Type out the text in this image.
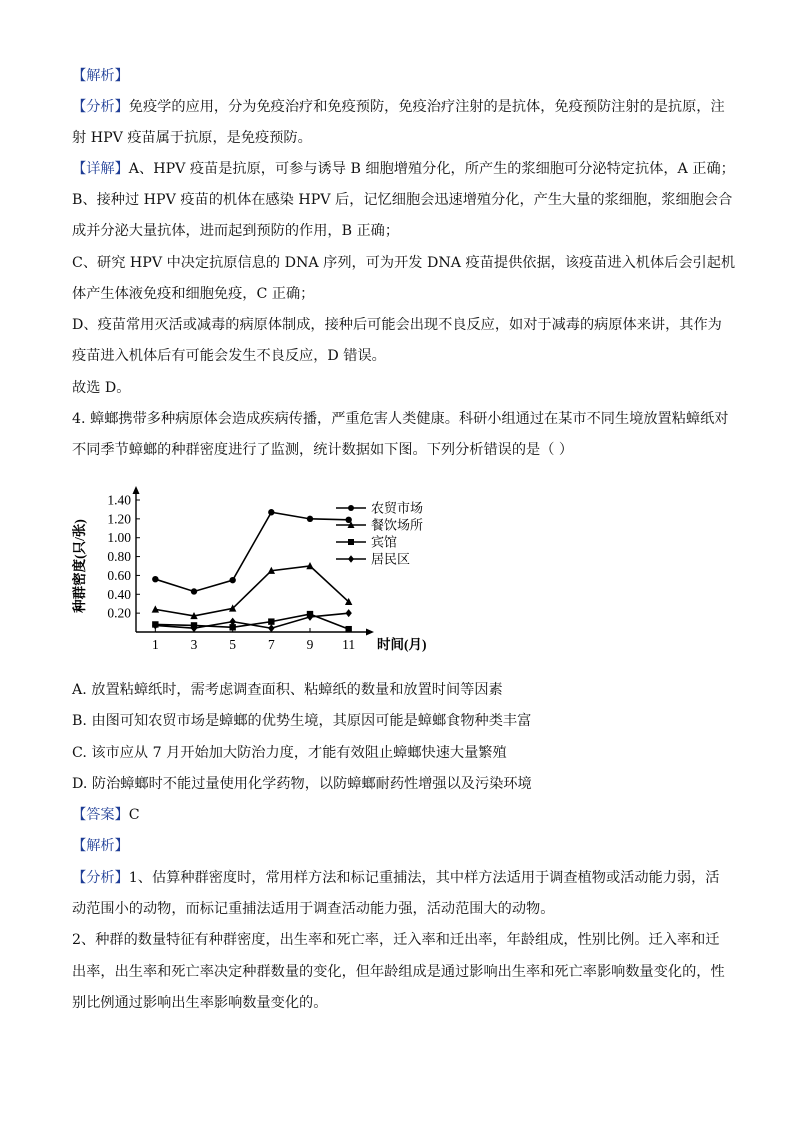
【解析】
【分析】免疫学的应用，分为免疫治疗和免疫预防，免疫治疗注射的是抗体，免疫预防注射的是抗原，注
射 HPV 疫苗属于抗原，是免疫预防。
【详解】A、HPV 疫苗是抗原，可参与诱导 B 细胞增殖分化，所产生的浆细胞可分泌特定抗体，A 正确；
B、接种过 HPV 疫苗的机体在感染 HPV 后，记忆细胞会迅速增殖分化，产生大量的浆细胞，浆细胞会合
成并分泌大量抗体，进而起到预防的作用，B 正确；
C、研究 HPV 中决定抗原信息的 DNA 序列，可为开发 DNA 疫苗提供依据，该疫苗进入机体后会引起机
体产生体液免疫和细胞免疫，C 正确；
D、疫苗常用灭活或减毒的病原体制成，接种后可能会出现不良反应，如对于减毒的病原体来讲，其作为
疫苗进入机体后有可能会发生不良反应，D 错误。
故选 D。
4. 蟑螂携带多种病原体会造成疾病传播，严重危害人类健康。科研小组通过在某市不同生境放置粘蟑纸对
不同季节蟑螂的种群密度进行了监测，统计数据如下图。下列分析错误的是（ ）
0.20
0.40
0.60
0.80
1.00
1.20
1.40
1 3 5 7 9 11 时间(月)
种群密度(只/张)
农贸市场
餐饮场所
宾馆
居民区
A. 放置粘蟑纸时，需考虑调查面积、粘蟑纸的数量和放置时间等因素
B. 由图可知农贸市场是蟑螂的优势生境，其原因可能是蟑螂食物种类丰富
C. 该市应从 7 月开始加大防治力度，才能有效阻止蟑螂快速大量繁殖
D. 防治蟑螂时不能过量使用化学药物，以防蟑螂耐药性增强以及污染环境
【答案】C
【解析】
【分析】1、估算种群密度时，常用样方法和标记重捕法，其中样方法适用于调查植物或活动能力弱，活
动范围小的动物，而标记重捕法适用于调查活动能力强，活动范围大的动物。
2、种群的数量特征有种群密度，出生率和死亡率，迁入率和迁出率，年龄组成，性别比例。迁入率和迁
出率，出生率和死亡率决定种群数量的变化，但年龄组成是通过影响出生率和死亡率影响数量变化的，性
别比例通过影响出生率影响数量变化的。
